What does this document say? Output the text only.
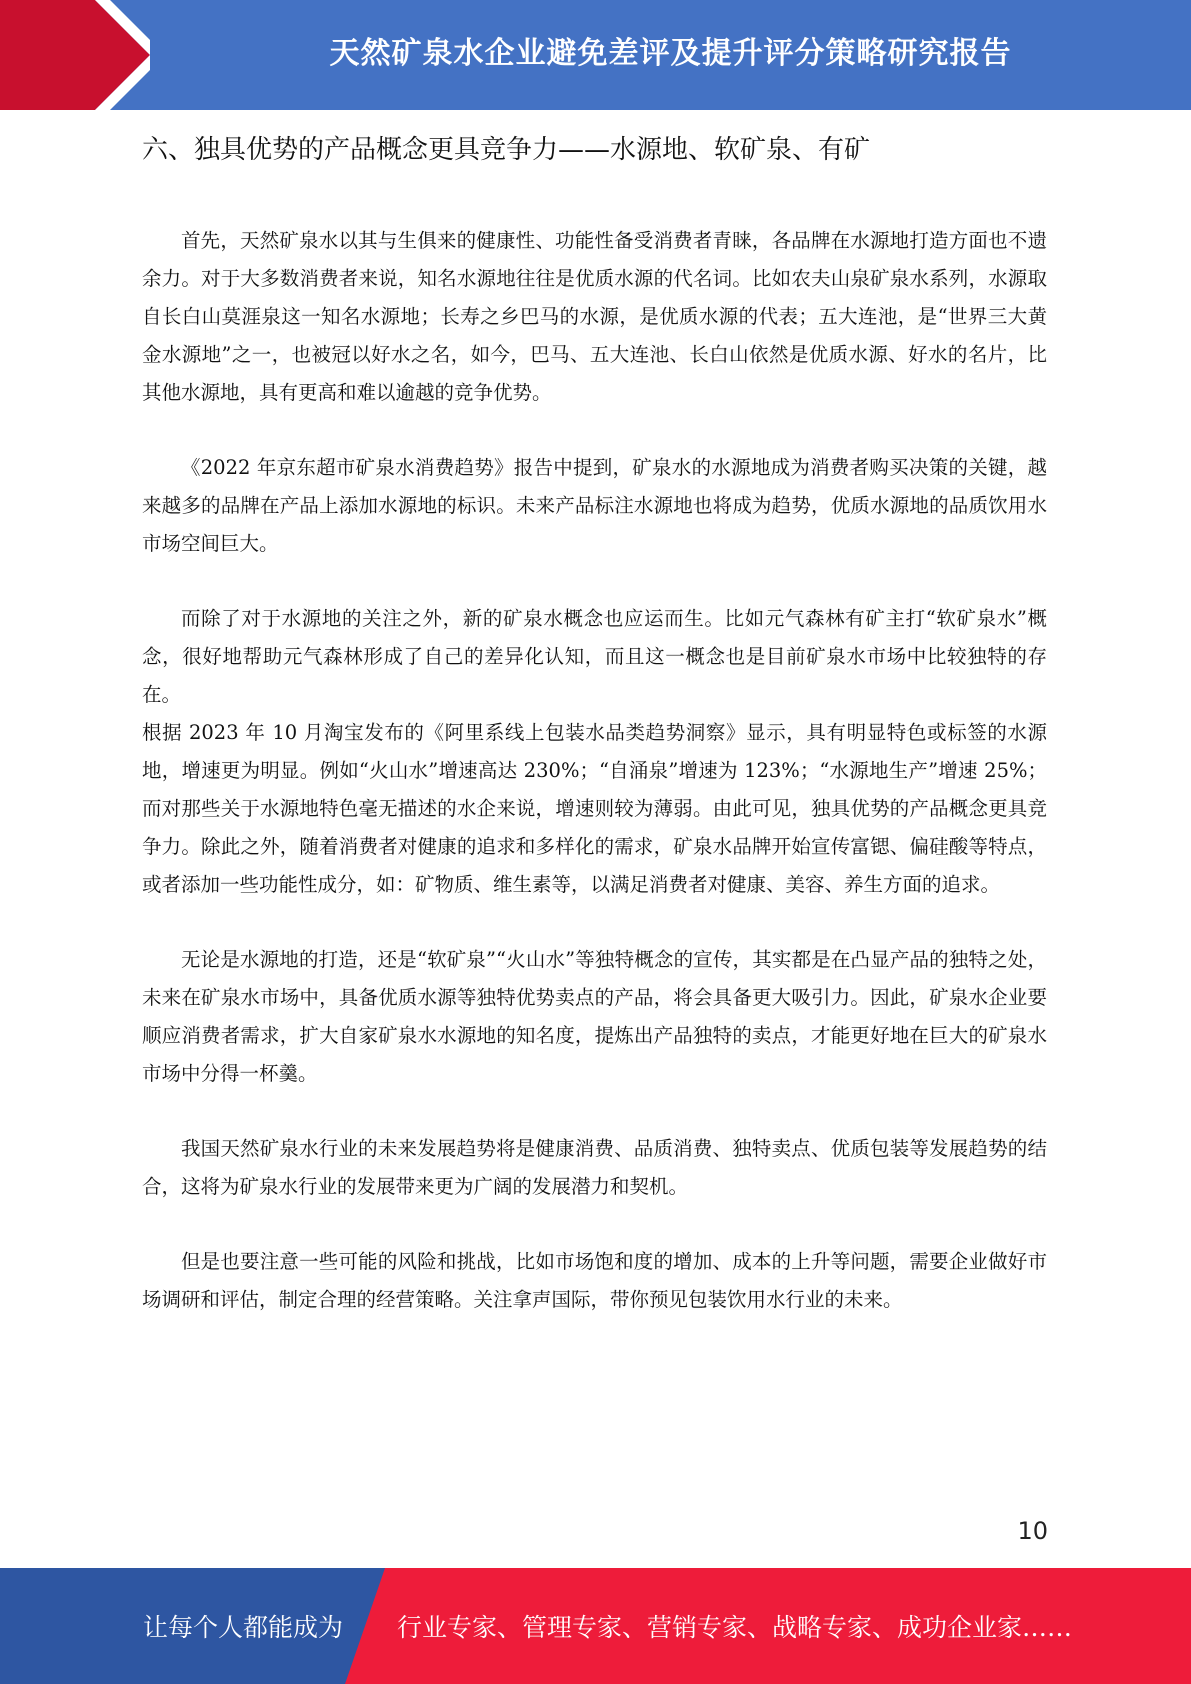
天然矿泉水企业避免差评及提升评分策略研究报告
六、独具优势的产品概念更具竞争力——水源地、软矿泉、有矿

首先，天然矿泉水以其与生俱来的健康性、功能性备受消费者青睐，各品牌在水源地打造方面也不遗余力。对于大多数消费者来说，知名水源地往往是优质水源的代名词。比如农夫山泉矿泉水系列，水源取自长白山莫涯泉这一知名水源地；长寿之乡巴马的水源，是优质水源的代表；五大连池，是“世界三大黄金水源地”之一，也被冠以好水之名，如今，巴马、五大连池、长白山依然是优质水源、好水的名片，比其他水源地，具有更高和难以逾越的竞争优势。

《2022 年京东超市矿泉水消费趋势》报告中提到，矿泉水的水源地成为消费者购买决策的关键，越来越多的品牌在产品上添加水源地的标识。未来产品标注水源地也将成为趋势，优质水源地的品质饮用水市场空间巨大。

而除了对于水源地的关注之外，新的矿泉水概念也应运而生。比如元气森林有矿主打“软矿泉水”概念，很好地帮助元气森林形成了自己的差异化认知，而且这一概念也是目前矿泉水市场中比较独特的存在。

根据 2023 年 10 月淘宝发布的《阿里系线上包装水品类趋势洞察》显示，具有明显特色或标签的水源地，增速更为明显。例如“火山水”增速高达 230%；“自涌泉”增速为 123%；“水源地生产”增速 25%；而对那些关于水源地特色毫无描述的水企来说，增速则较为薄弱。由此可见，独具优势的产品概念更具竞争力。除此之外，随着消费者对健康的追求和多样化的需求，矿泉水品牌开始宣传富锶、偏硅酸等特点，或者添加一些功能性成分，如：矿物质、维生素等，以满足消费者对健康、美容、养生方面的追求。

无论是水源地的打造，还是“软矿泉”“火山水”等独特概念的宣传，其实都是在凸显产品的独特之处，未来在矿泉水市场中，具备优质水源等独特优势卖点的产品，将会具备更大吸引力。因此，矿泉水企业要顺应消费者需求，扩大自家矿泉水水源地的知名度，提炼出产品独特的卖点，才能更好地在巨大的矿泉水市场中分得一杯羹。

我国天然矿泉水行业的未来发展趋势将是健康消费、品质消费、独特卖点、优质包装等发展趋势的结合，这将为矿泉水行业的发展带来更为广阔的发展潜力和契机。

但是也要注意一些可能的风险和挑战，比如市场饱和度的增加、成本的上升等问题，需要企业做好市场调研和评估，制定合理的经营策略。关注拿声国际，带你预见包装饮用水行业的未来。

10
让每个人都能成为 行业专家、管理专家、营销专家、战略专家、成功企业家……
